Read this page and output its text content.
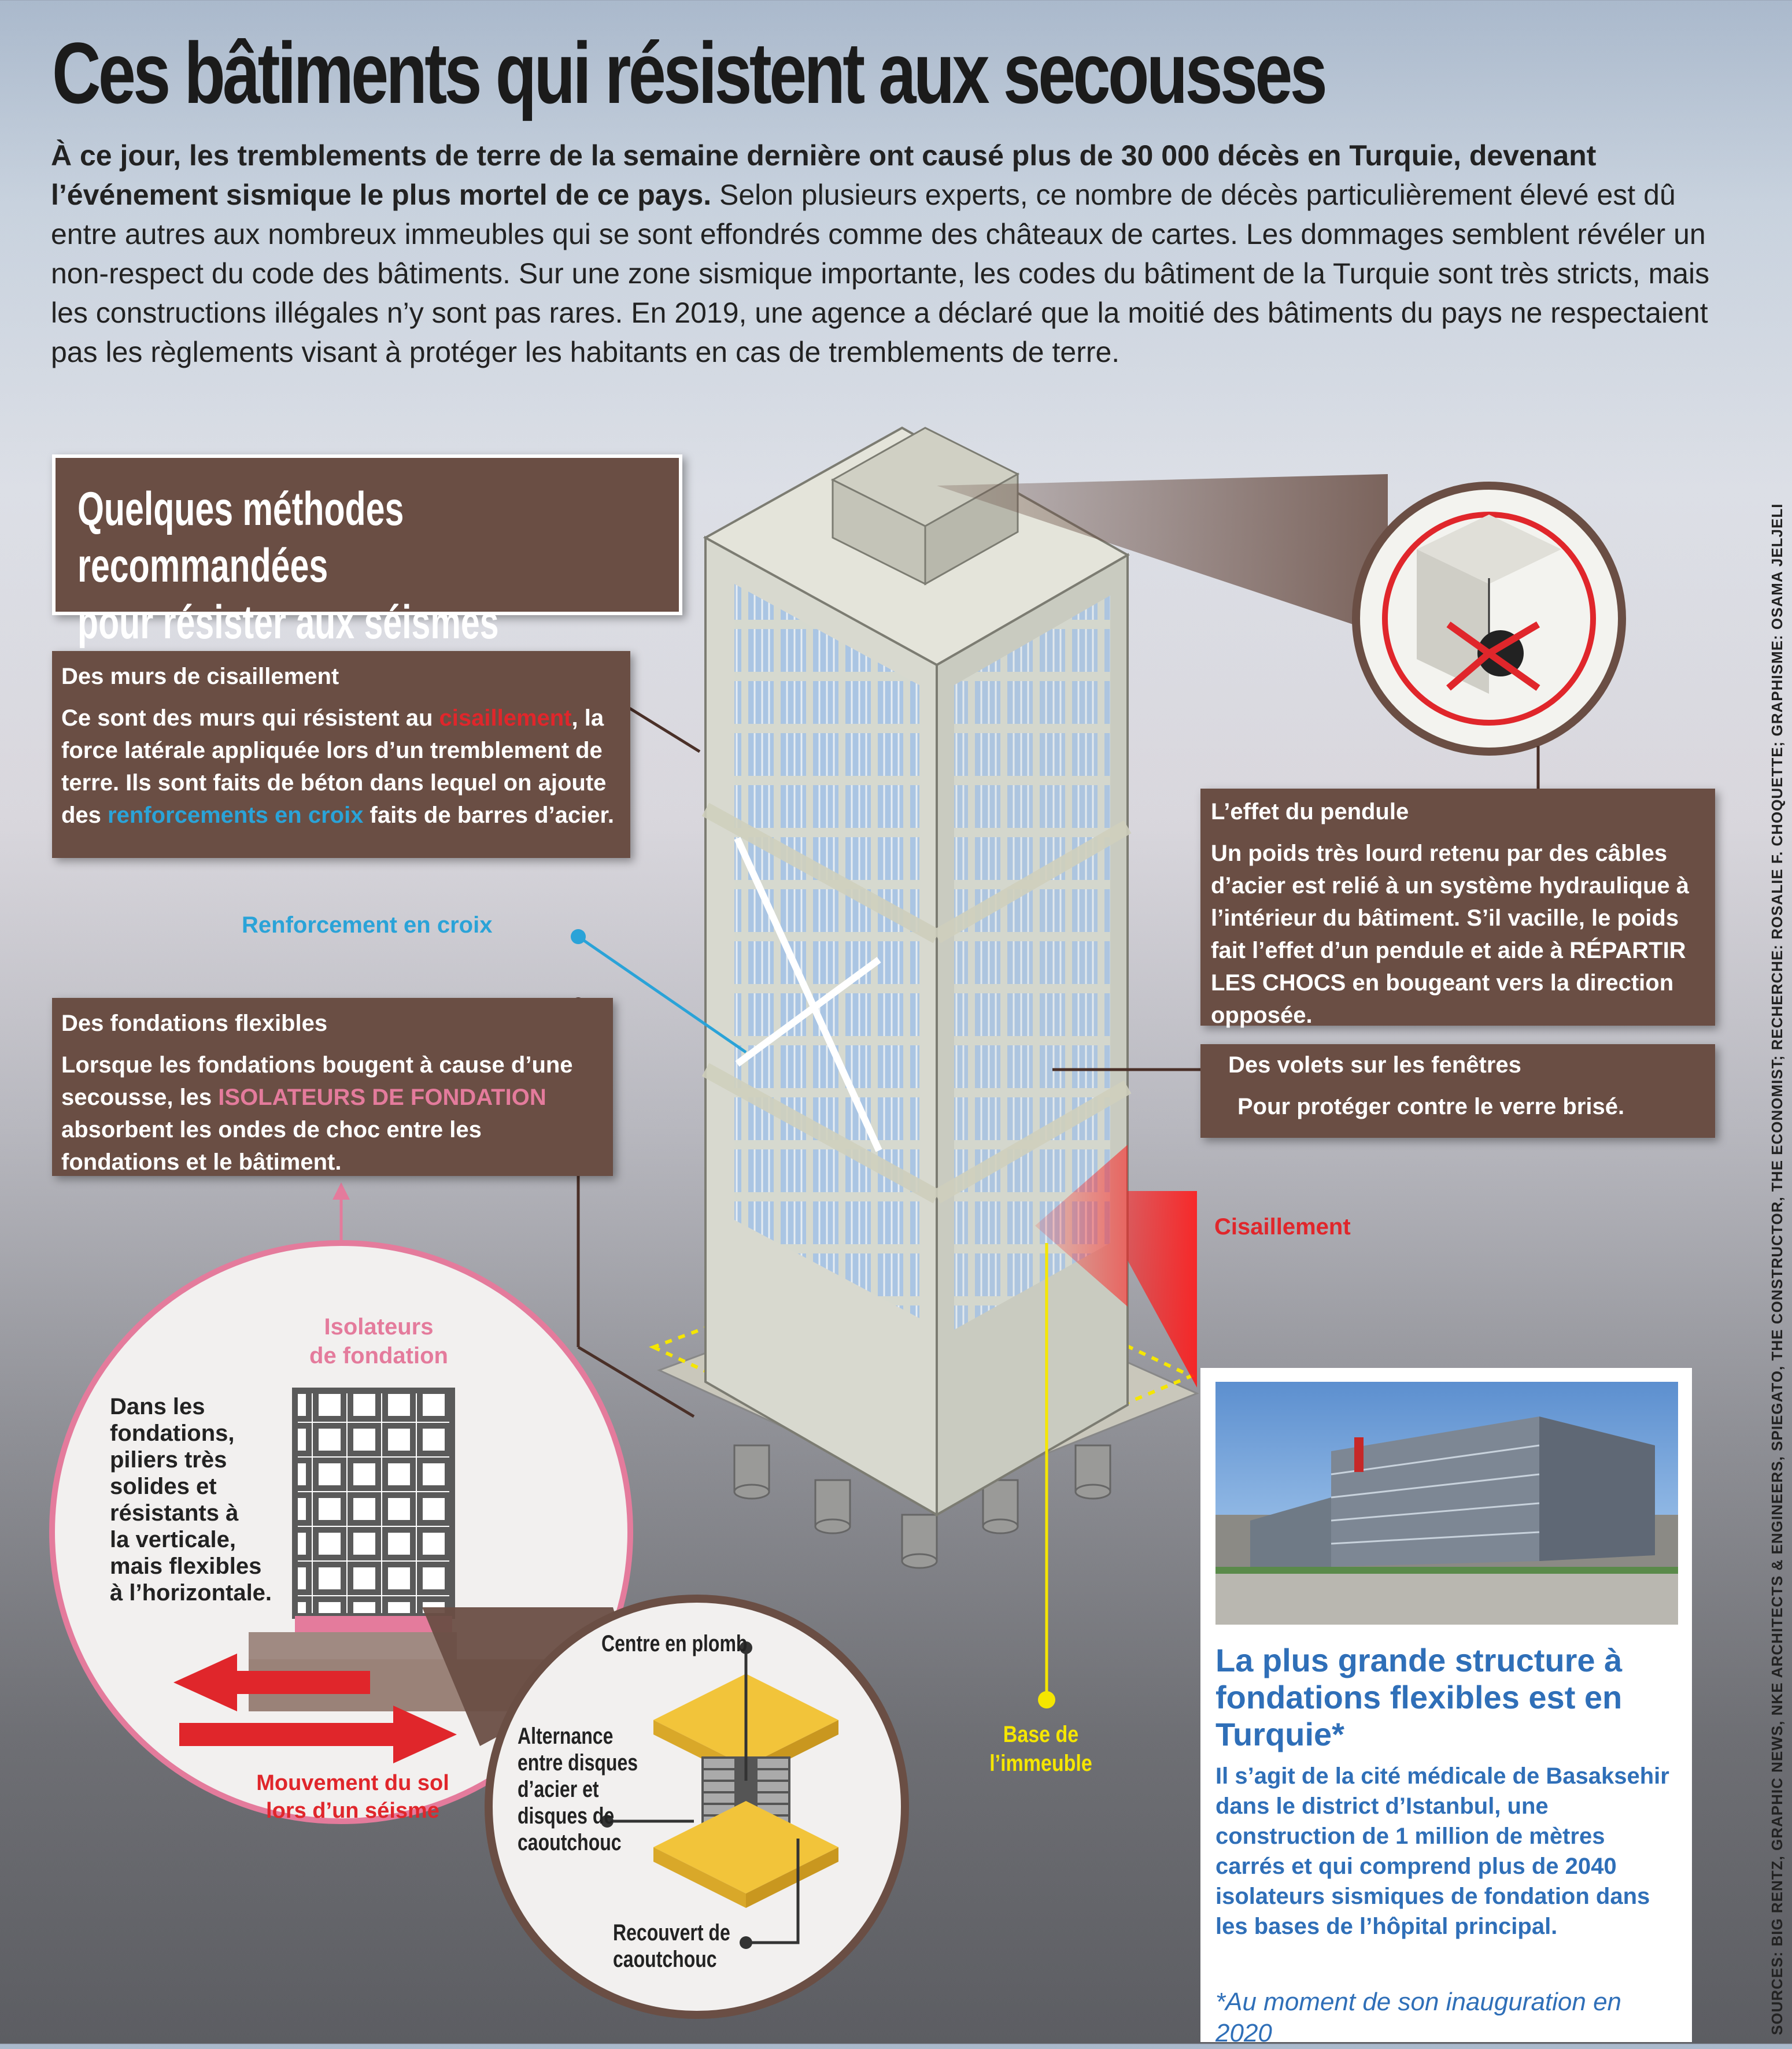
Ces bâtiments qui résistent aux secousses
À ce jour, les tremblements de terre de la semaine dernière ont causé plus de 30 000 décès en Turquie, devenant l’événement sismique le plus mortel de ce pays. Selon plusieurs experts, ce nombre de décès particulièrement élevé est dû entre autres aux nombreux immeubles qui se sont effondrés comme des châteaux de cartes. Les dommages semblent révéler un non-respect du code des bâtiments. Sur une zone sismique importante, les codes du bâtiment de la Turquie sont très stricts, mais les constructions illégales n’y sont pas rares. En 2019, une agence a déclaré que la moitié des bâtiments du pays ne respectaient pas les règlements visant à protéger les habitants en cas de tremblements de terre.
Quelques méthodes recommandées
pour résister aux séismes
Des murs de cisaillement
Ce sont des murs qui résistent au cisaillement, la force latérale appliquée lors d’un tremblement de terre. Ils sont faits de béton dans lequel on ajoute des renforcements en croix faits de barres d’acier.
Renforcement en croix
Des fondations flexibles
Lorsque les fondations bougent à cause d’une secousse, les ISOLATEURS DE FONDATION absorbent les ondes de choc entre les fondations et le bâtiment.
L’effet du pendule
Un poids très lourd retenu par des câbles d’acier est relié à un système hydraulique à l’intérieur du bâtiment. S’il vacille, le poids fait l’effet d’un pendule et aide à RÉPARTIR LES CHOCS en bougeant vers la direction opposée.
Des volets sur les fenêtres
Pour protéger contre le verre brisé.
Cisaillement
Base de
l’immeuble
Isolateurs
de fondation
Dans les
fondations,
piliers très
solides et
résistants à
la verticale,
mais flexibles
à l’horizontale.
Mouvement du sol
lors d’un séisme
Centre en plomb
Alternance
entre disques
d’acier et
disques de
caoutchouc
Recouvert de
caoutchouc
La plus grande structure à fondations flexibles est en Turquie*
Il s’agit de la cité médicale de Basaksehir dans le district d’Istanbul, une construction de 1 million de mètres carrés et qui comprend plus de 2040 isolateurs sismiques de fondation dans les bases de l’hôpital principal.
*Au moment de son inauguration en 2020	SOURCES: BIG RENTZ, GRAPHIC NEWS, NKE ARCHITECTS & ENGINEERS, SPIEGATO, THE CONSTRUCTOR, THE ECONOMIST; RECHERCHE: ROSALIE F. CHOQUETTE; GRAPHISME: OSAMA JELJELI
